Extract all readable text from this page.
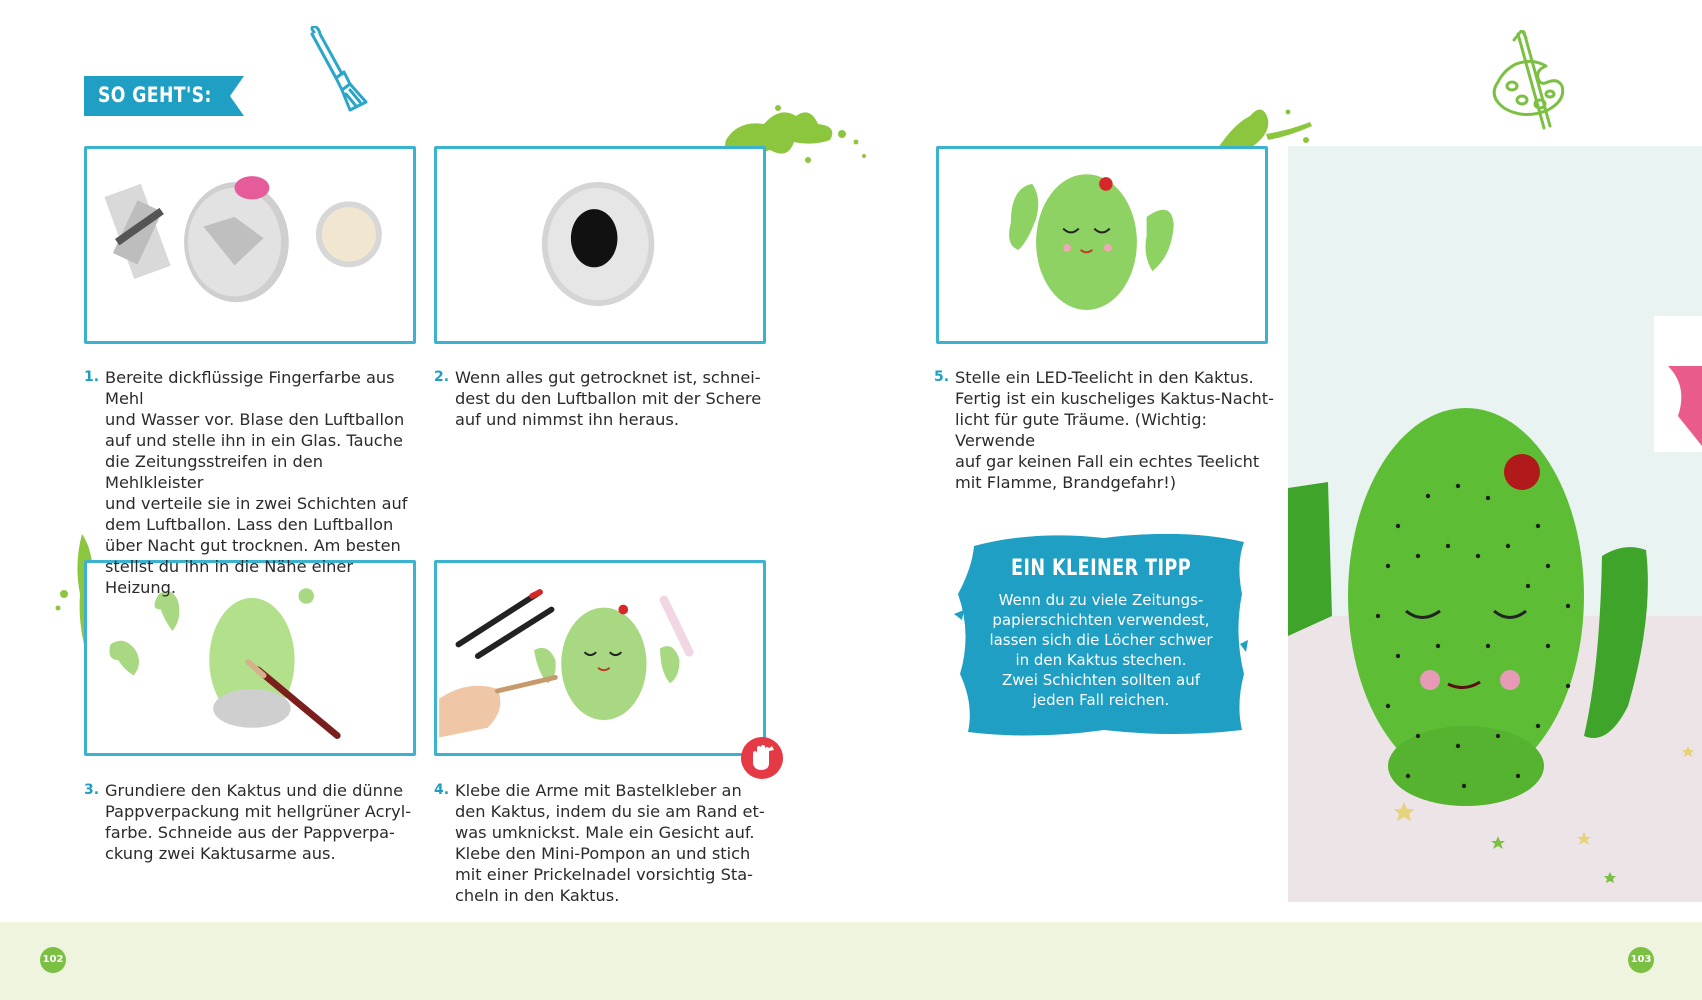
SO GEHT'S:
1. Bereite dickflüssige Fingerfarbe aus Mehl
und Wasser vor. Blase den Luftballon
auf und stelle ihn in ein Glas. Tauche
die Zeitungsstreifen in den Mehlkleister
und verteile sie in zwei Schichten auf
dem Luftballon. Lass den Luftballon
über Nacht gut trocknen. Am besten
stellst du ihn in die Nähe einer Heizung.
2. Wenn alles gut getrocknet ist, schnei-
dest du den Luftballon mit der Schere
auf und nimmst ihn heraus.
3. Grundiere den Kaktus und die dünne
Pappverpackung mit hellgrüner Acryl-
farbe. Schneide aus der Pappverpa-
ckung zwei Kaktusarme aus.
4. Klebe die Arme mit Bastelkleber an
den Kaktus, indem du sie am Rand et-
was umknickst. Male ein Gesicht auf.
Klebe den Mini-Pompon an und stich
mit einer Prickelnadel vorsichtig Sta-
cheln in den Kaktus.
5. Stelle ein LED-Teelicht in den Kaktus.
Fertig ist ein kuscheliges Kaktus-Nacht-
licht für gute Träume. (Wichtig: Verwende
auf gar keinen Fall ein echtes Teelicht
mit Flamme, Brandgefahr!)
EIN KLEINER TIPP
Wenn du zu viele Zeitungs-
papierschichten verwendest,
lassen sich die Löcher schwer
in den Kaktus stechen.
Zwei Schichten sollten auf
jeden Fall reichen.
102	103
